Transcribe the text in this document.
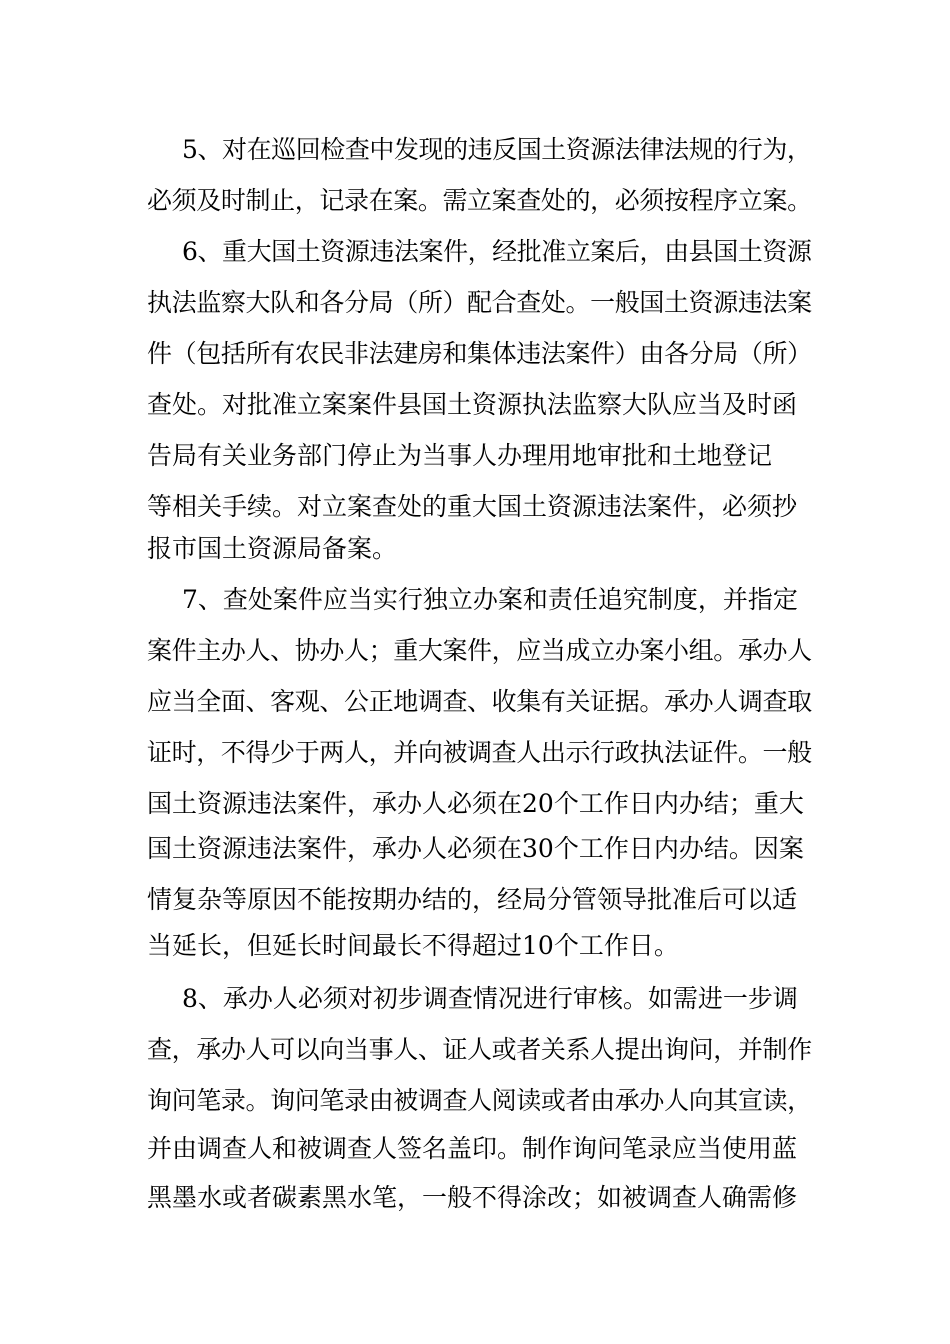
5、对在巡回检查中发现的违反国土资源法律法规的行为，

必须及时制止，记录在案。需立案查处的，必须按程序立案。

6、重大国土资源违法案件，经批准立案后，由县国土资源

执法监察大队和各分局（所）配合查处。一般国土资源违法案

件（包括所有农民非法建房和集体违法案件）由各分局（所）

查处。对批准立案案件县国土资源执法监察大队应当及时函

告局有关业务部门停止为当事人办理用地审批和土地登记

等相关手续。对立案查处的重大国土资源违法案件，必须抄

报市国土资源局备案。

7、查处案件应当实行独立办案和责任追究制度，并指定

案件主办人、协办人；重大案件，应当成立办案小组。承办人

应当全面、客观、公正地调查、收集有关证据。承办人调查取

证时，不得少于两人，并向被调查人出示行政执法证件。一般

国土资源违法案件，承办人必须在20个工作日内办结；重大

国土资源违法案件，承办人必须在30个工作日内办结。因案

情复杂等原因不能按期办结的，经局分管领导批准后可以适

当延长，但延长时间最长不得超过10个工作日。

8、承办人必须对初步调查情况进行审核。如需进一步调

查，承办人可以向当事人、证人或者关系人提出询问，并制作

询问笔录。询问笔录由被调查人阅读或者由承办人向其宣读，

并由调查人和被调查人签名盖印。制作询问笔录应当使用蓝

黑墨水或者碳素黑水笔，一般不得涂改；如被调查人确需修
